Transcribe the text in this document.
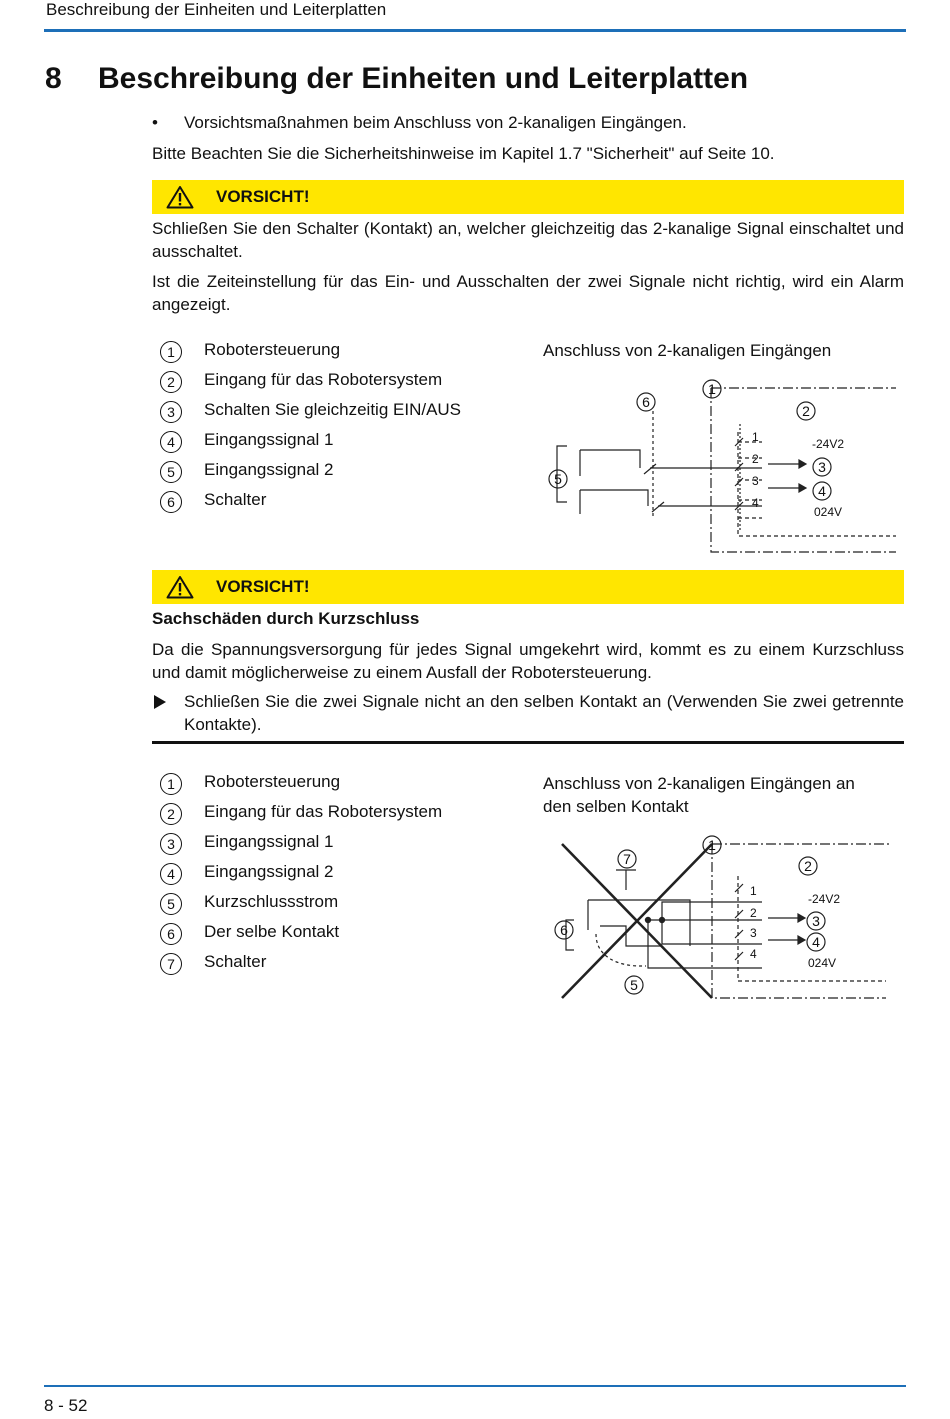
Beschreibung der Einheiten und Leiterplatten
8 Beschreibung der Einheiten und Leiterplatten
• Vorsichtsmaßnahmen beim Anschluss von 2-kanaligen Eingängen.
Bitte Beachten Sie die Sicherheitshinweise im Kapitel 1.7 "Sicherheit" auf Seite 10.
VORSICHT!
Schließen Sie den Schalter (Kontakt) an, welcher gleichzeitig das 2-kanalige Signal einschaltet und ausschaltet.
Ist die Zeiteinstellung für das Ein- und Ausschalten der zwei Signale nicht richtig, wird ein Alarm angezeigt.
1	Robotersteuerung
2	Eingang für das Robotersystem
3	Schalten Sie gleichzeitig EIN/AUS
4	Eingangssignal 1
5	Eingangssignal 2
6	Schalter
Anschluss von 2-kanaligen Eingängen
1
2
6
5
3
4
1
2
3
4
-24V2
024V
VORSICHT!
Sachschäden durch Kurzschluss
Da die Spannungsversorgung für jedes Signal umgekehrt wird, kommt es zu einem Kurzschluss und damit möglicherweise zu einem Ausfall der Robotersteuerung.
Schließen Sie die zwei Signale nicht an den selben Kontakt an (Verwenden Sie zwei getrennte Kontakte).
1	Robotersteuerung
2	Eingang für das Robotersystem
3	Eingangssignal 1
4	Eingangssignal 2
5	Kurzschlussstrom
6	Der selbe Kontakt
7	Schalter
Anschluss von 2-kanaligen Eingängen an
den selben Kontakt
1
2
7
6
5
3
4
1
2
3
4
-24V2
024V
8 - 52
